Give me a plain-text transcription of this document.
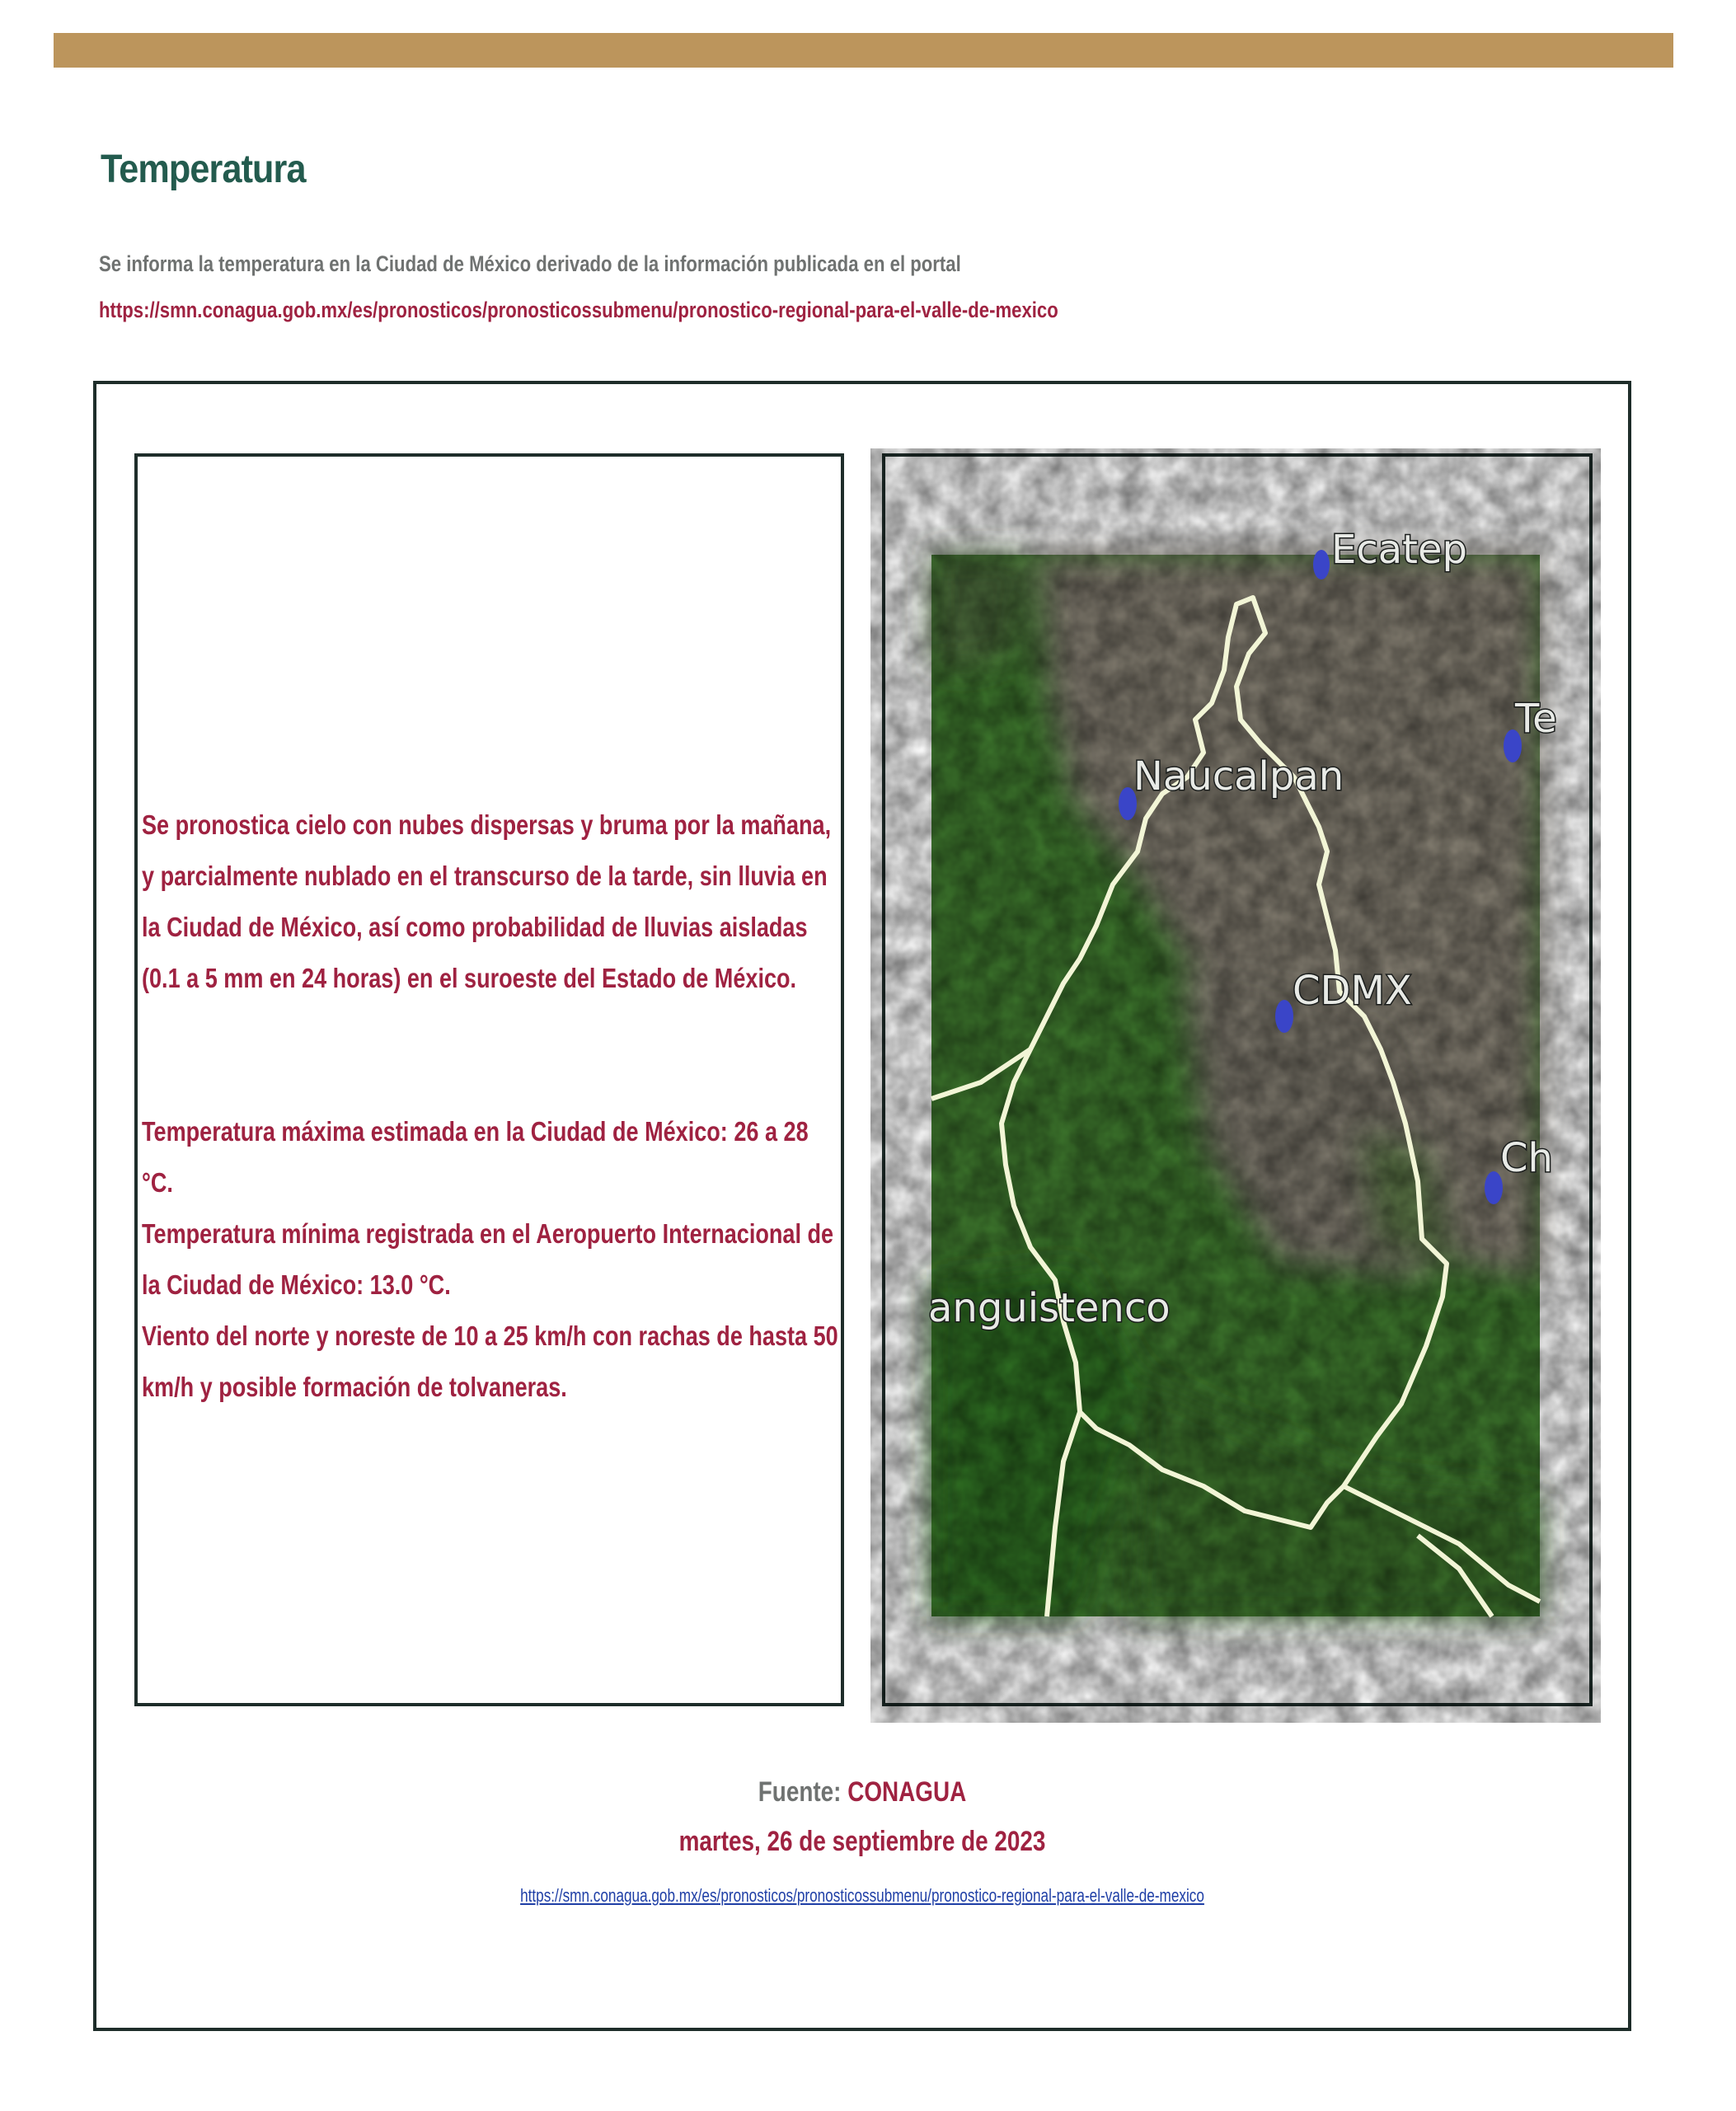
Temperatura
Se informa la temperatura en la Ciudad de México derivado de la información publicada en el portal
https://smn.conagua.gob.mx/es/pronosticos/pronosticossubmenu/pronostico-regional-para-el-valle-de-mexico

Se pronostica cielo con nubes dispersas y bruma por la mañana, y parcialmente nublado en el transcurso de la tarde, sin lluvia en la Ciudad de México, así como probabilidad de lluvias aisladas (0.1 a 5 mm en 24 horas) en el suroeste del Estado de México.

Temperatura máxima estimada en la Ciudad de México: 26 a 28 °C.

Temperatura mínima registrada en el Aeropuerto Internacional de la Ciudad de México: 13.0 °C.

Viento del norte y noreste de 10 a 25 km/h con rachas de hasta 50 km/h y posible formación de tolvaneras.

Naucalpan
CDMX
anguistenco
Ecatep
Te
Ch
Fuente: CONAGUA
martes, 26 de septiembre de 2023
https://smn.conagua.gob.mx/es/pronosticos/pronosticossubmenu/pronostico-regional-para-el-valle-de-mexico
